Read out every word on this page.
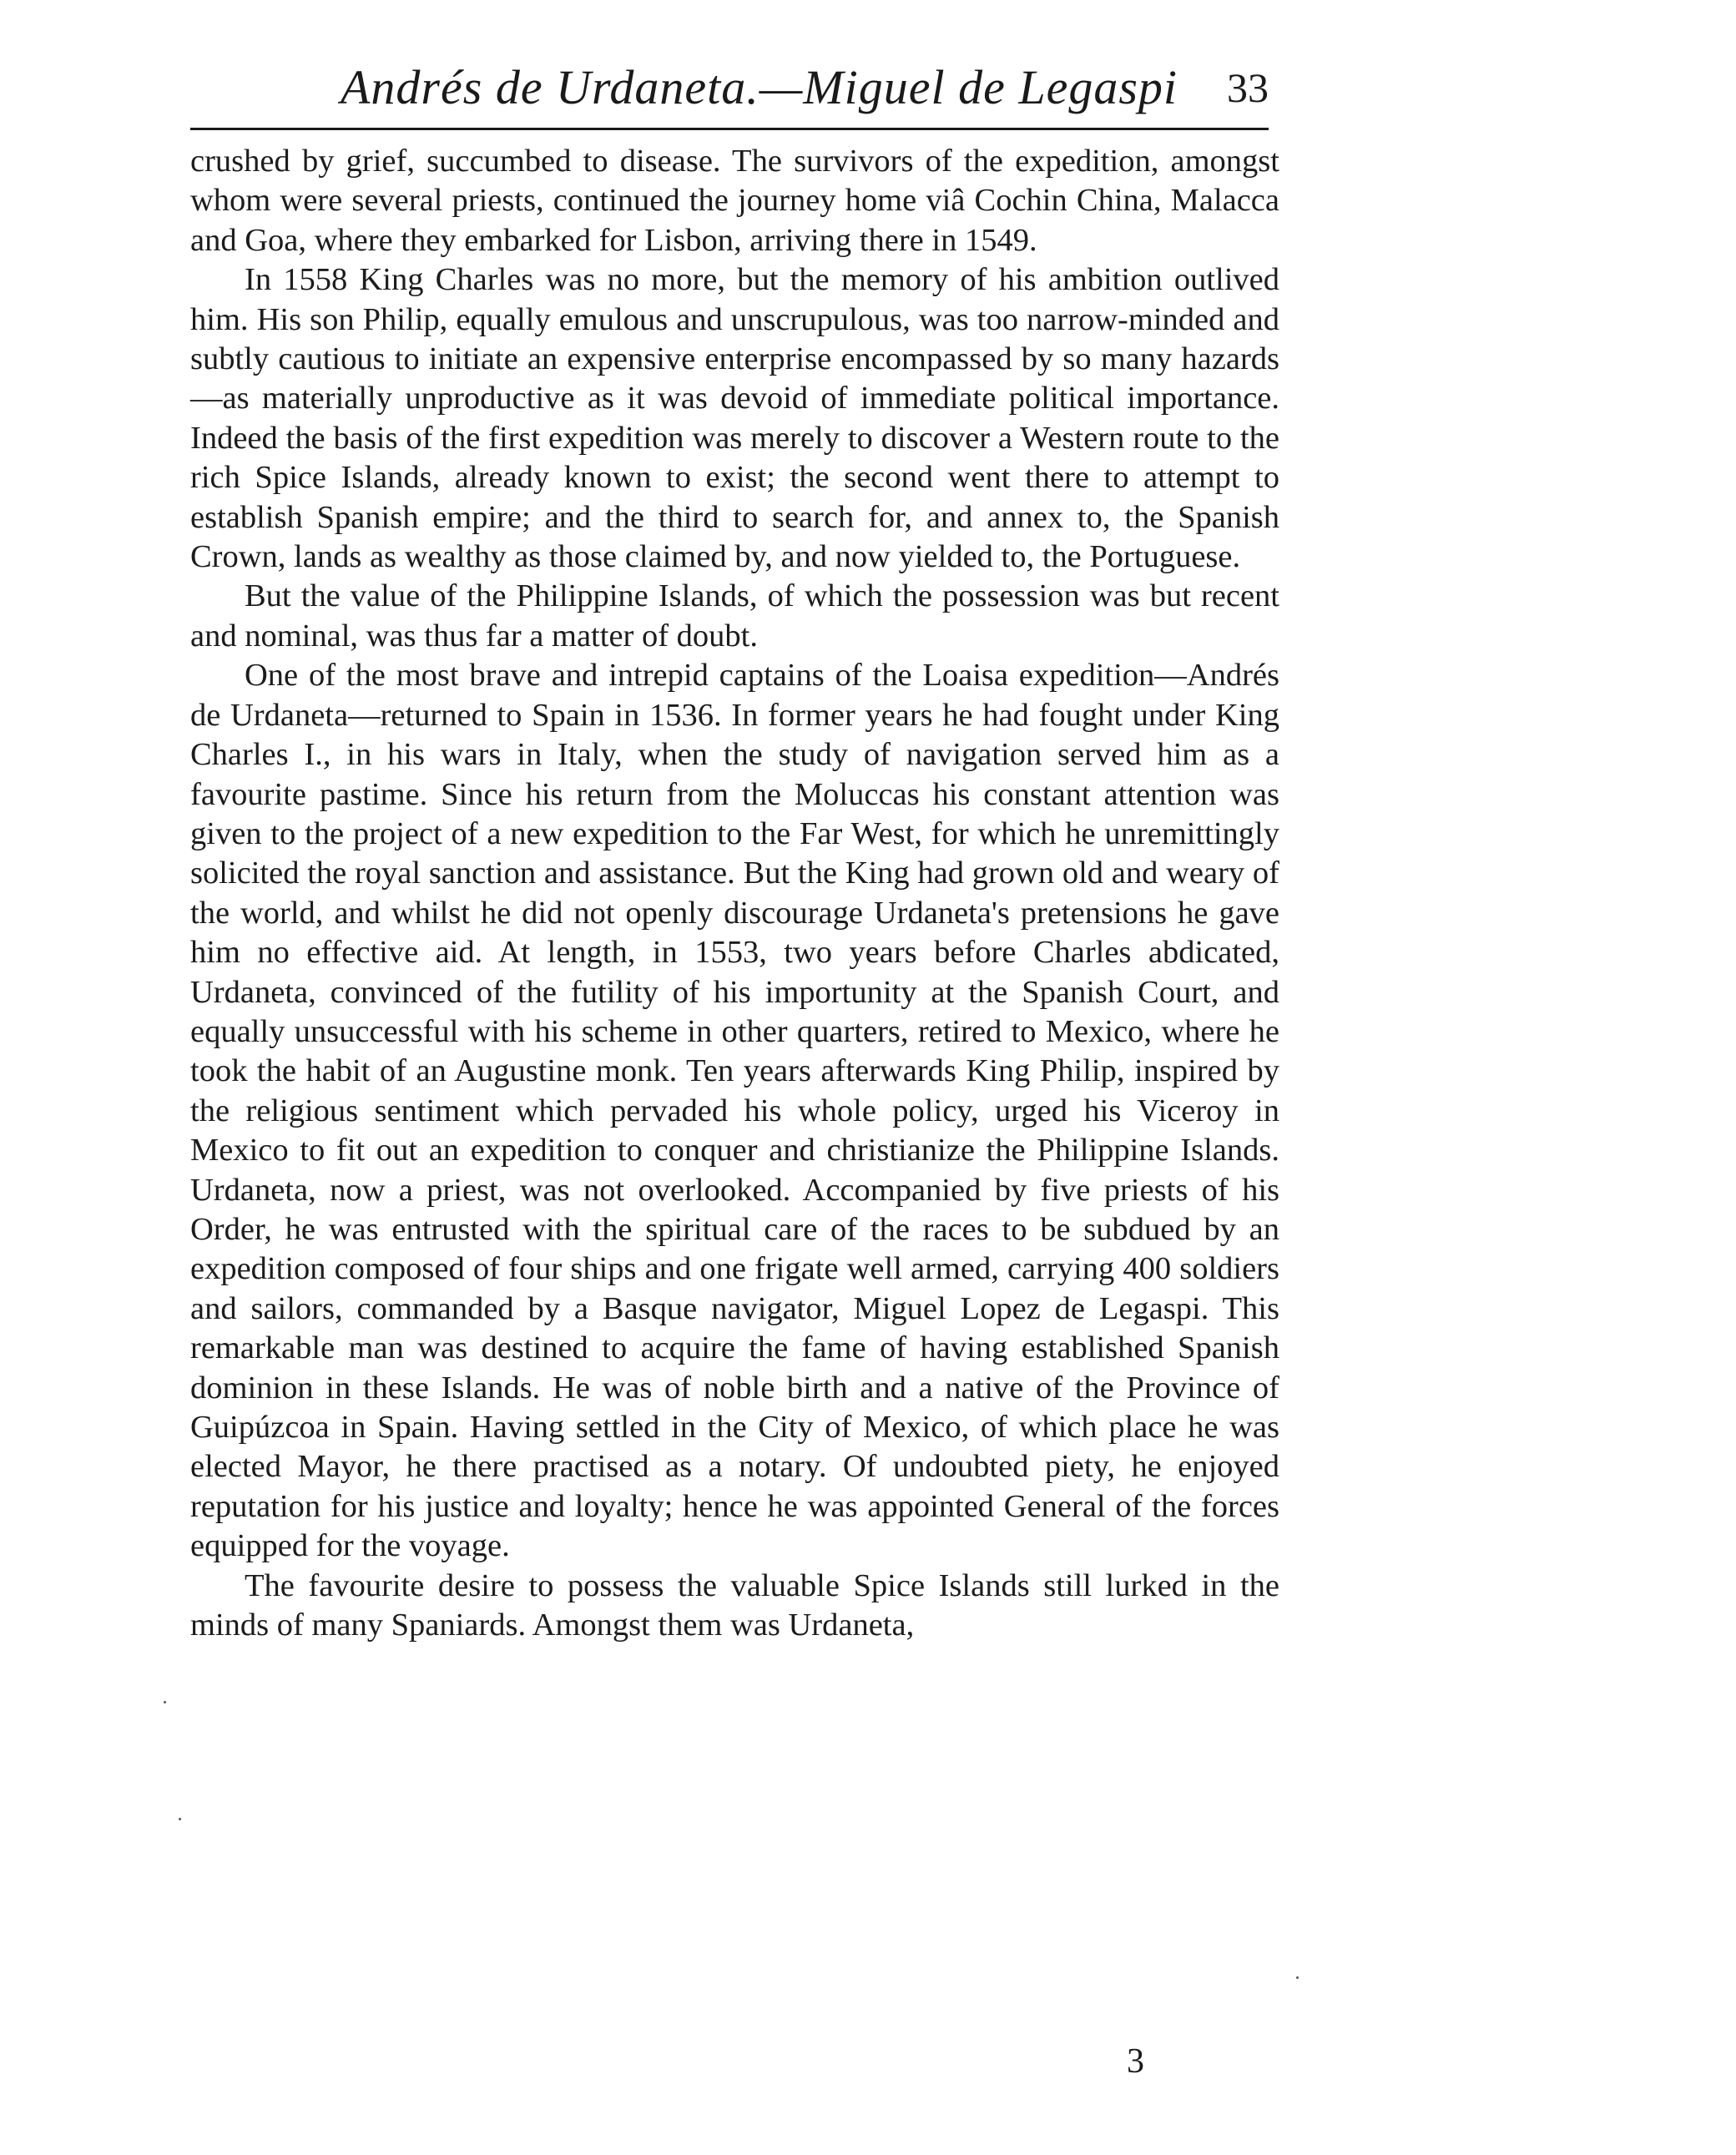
Andrés de Urdaneta.—Miguel de Legaspi 33

crushed by grief, succumbed to disease. The survivors of the expedition, amongst whom were several priests, continued the journey home viâ Cochin China, Malacca and Goa, where they embarked for Lisbon, arriving there in 1549.

In 1558 King Charles was no more, but the memory of his ambition outlived him. His son Philip, equally emulous and unscrupulous, was too narrow-minded and subtly cautious to initiate an expensive enterprise encompassed by so many hazards—as materially unproductive as it was devoid of immediate political importance. Indeed the basis of the first expedition was merely to discover a Western route to the rich Spice Islands, already known to exist; the second went there to attempt to establish Spanish empire; and the third to search for, and annex to, the Spanish Crown, lands as wealthy as those claimed by, and now yielded to, the Portuguese.

But the value of the Philippine Islands, of which the possession was but recent and nominal, was thus far a matter of doubt.

One of the most brave and intrepid captains of the Loaisa expedition—Andrés de Urdaneta—returned to Spain in 1536. In former years he had fought under King Charles I., in his wars in Italy, when the study of navigation served him as a favourite pastime. Since his return from the Moluccas his constant attention was given to the project of a new expedition to the Far West, for which he unremittingly solicited the royal sanction and assistance. But the King had grown old and weary of the world, and whilst he did not openly discourage Urdaneta's pretensions he gave him no effective aid. At length, in 1553, two years before Charles abdicated, Urdaneta, convinced of the futility of his importunity at the Spanish Court, and equally unsuccessful with his scheme in other quarters, retired to Mexico, where he took the habit of an Augustine monk. Ten years afterwards King Philip, inspired by the religious sentiment which pervaded his whole policy, urged his Viceroy in Mexico to fit out an expedition to conquer and christianize the Philippine Islands. Urdaneta, now a priest, was not overlooked. Accompanied by five priests of his Order, he was entrusted with the spiritual care of the races to be subdued by an expedition composed of four ships and one frigate well armed, carrying 400 soldiers and sailors, commanded by a Basque navigator, Miguel Lopez de Legaspi. This remarkable man was destined to acquire the fame of having established Spanish dominion in these Islands. He was of noble birth and a native of the Province of Guipúzcoa in Spain. Having settled in the City of Mexico, of which place he was elected Mayor, he there practised as a notary. Of undoubted piety, he enjoyed reputation for his justice and loyalty; hence he was appointed General of the forces equipped for the voyage.

The favourite desire to possess the valuable Spice Islands still lurked in the minds of many Spaniards. Amongst them was Urdaneta,

3
